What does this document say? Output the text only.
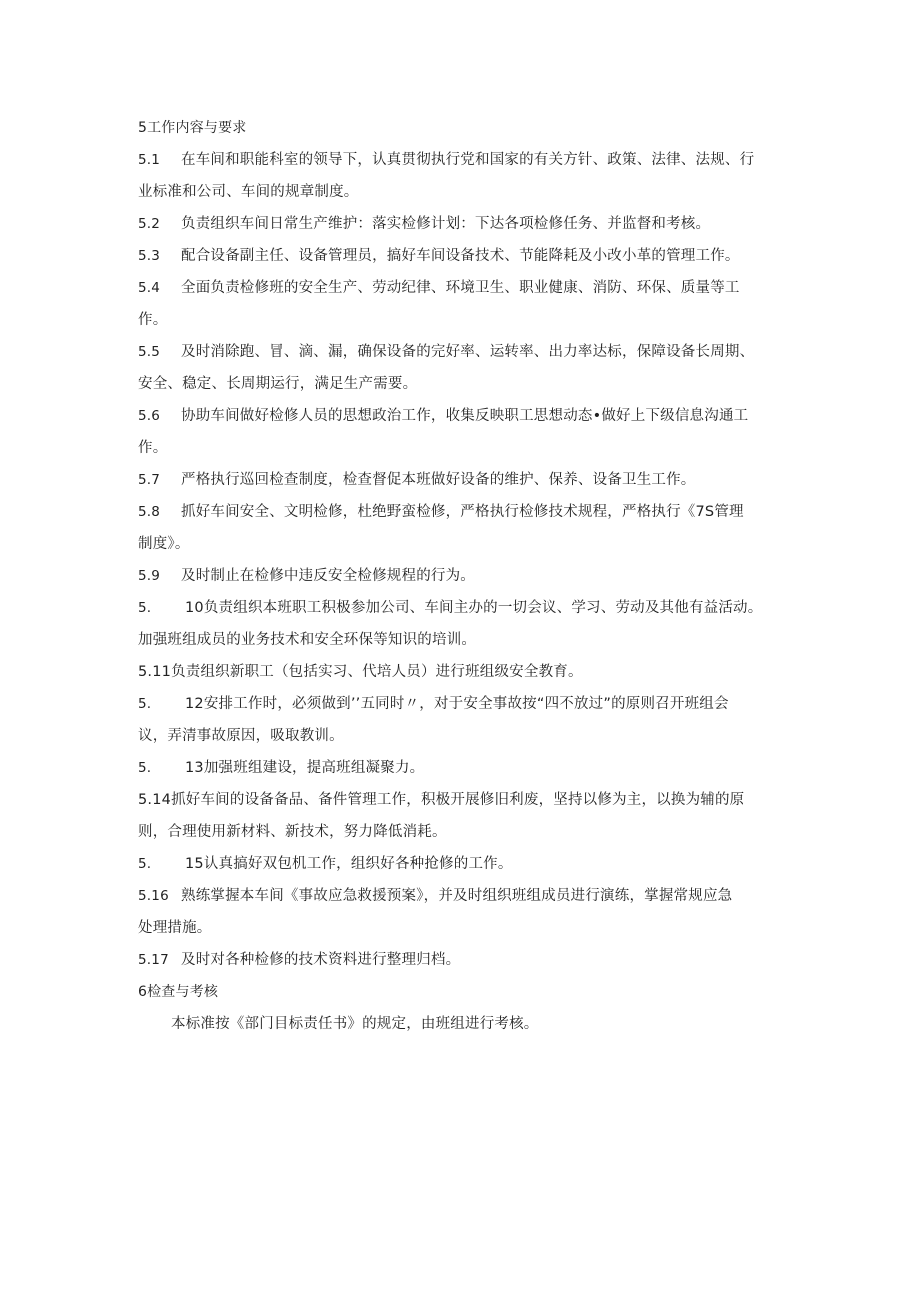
5工作内容与要求
5.1 在车间和职能科室的领导下，认真贯彻执行党和国家的有关方针、政策、法律、法规、行
业标准和公司、车间的规章制度。
5.2 负责组织车间日常生产维护：落实检修计划：下达各项检修任务、并监督和考核。
5.3 配合设备副主任、设备管理员，搞好车间设备技术、节能降耗及小改小革的管理工作。
5.4 全面负责检修班的安全生产、劳动纪律、环境卫生、职业健康、消防、环保、质量等工
作。
5.5 及时消除跑、冒、滴、漏，确保设备的完好率、运转率、出力率达标，保障设备长周期、
安全、稳定、长周期运行，满足生产需要。
5.6 协助车间做好检修人员的思想政治工作，收集反映职工思想动态•做好上下级信息沟通工
作。
5.7 严格执行巡回检查制度，检查督促本班做好设备的维护、保养、设备卫生工作。
5.8 抓好车间安全、文明检修，杜绝野蛮检修，严格执行检修技术规程，严格执行《7S管理
制度》。
5.9 及时制止在检修中违反安全检修规程的行为。
5. 10负责组织本班职工积极参加公司、车间主办的一切会议、学习、劳动及其他有益活动。
加强班组成员的业务技术和安全环保等知识的培训。
5.11负责组织新职工（包括实习、代培人员）进行班组级安全教育。
5. 12安排工作时，必须做到’’五同时〃，对于安全事故按“四不放过”的原则召开班组会
议，弄清事故原因，吸取教训。
5. 13加强班组建设，提高班组凝聚力。
5.14抓好车间的设备备品、备件管理工作，积极开展修旧利废，坚持以修为主，以换为辅的原
则，合理使用新材料、新技术，努力降低消耗。
5. 15认真搞好双包机工作，组织好各种抢修的工作。
5.16 熟练掌握本车间《事故应急救援预案》，并及时组织班组成员进行演练，掌握常规应急
处理措施。
5.17 及时对各种检修的技术资料进行整理归档。
6检查与考核
本标准按《部门目标责任书》的规定，由班组进行考核。
